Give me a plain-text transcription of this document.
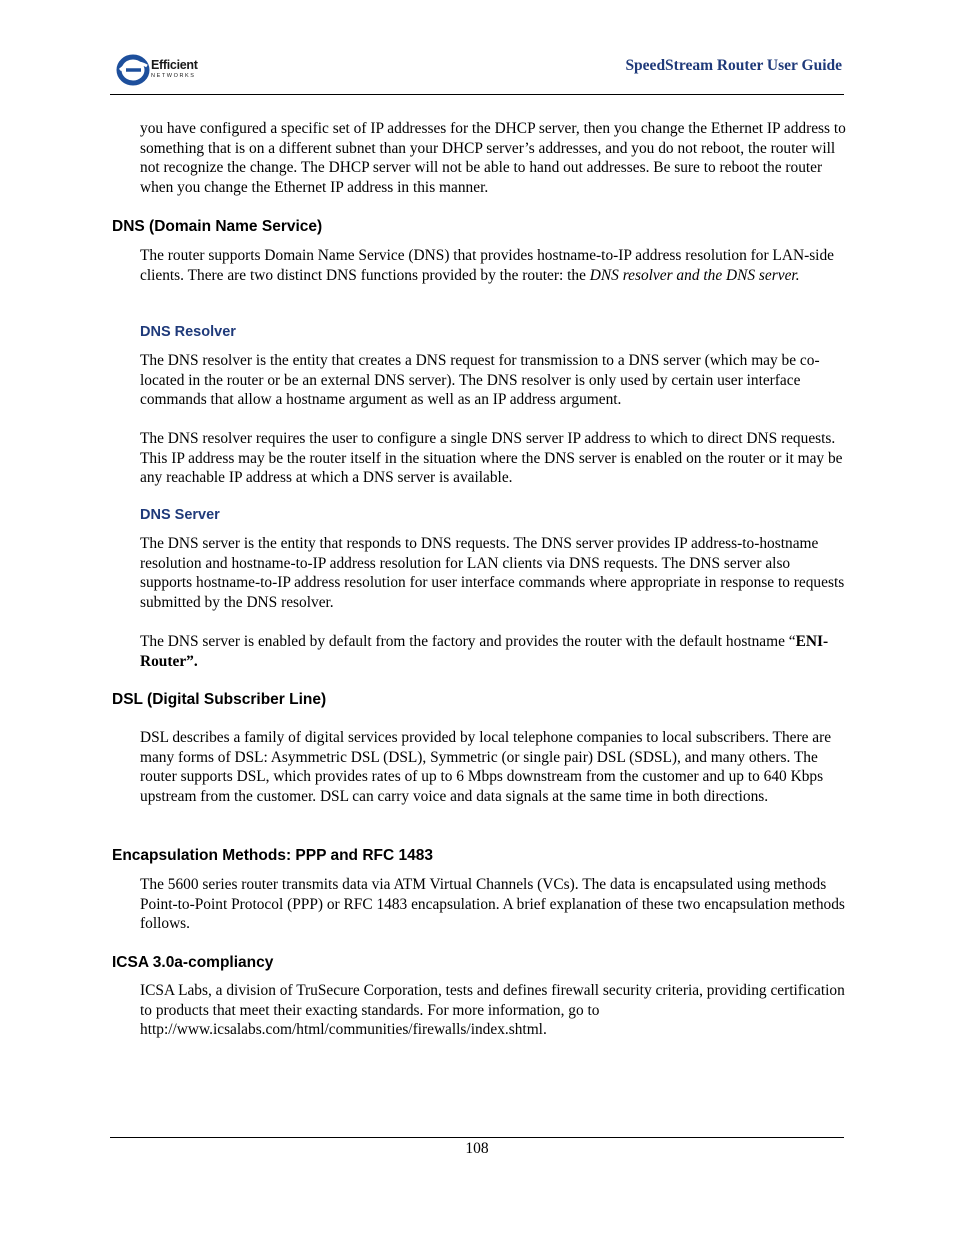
Efficient
NETWORKS
SpeedStream Router User Guide

you have configured a specific set of IP addresses for the DHCP server, then you change the Ethernet IP address to something that is on a different subnet than your DHCP server’s addresses, and you do not reboot, the router will not recognize the change. The DHCP server will not be able to hand out addresses. Be sure to reboot the router when you change the Ethernet IP address in this manner.

DNS (Domain Name Service)

The router supports Domain Name Service (DNS) that provides hostname-to-IP address resolution for LAN-side clients. There are two distinct DNS functions provided by the router: the DNS resolver and the DNS server.

DNS Resolver

The DNS resolver is the entity that creates a DNS request for transmission to a DNS server (which may be co-located in the router or be an external DNS server). The DNS resolver is only used by certain user interface commands that allow a hostname argument as well as an IP address argument.

The DNS resolver requires the user to configure a single DNS server IP address to which to direct DNS requests. This IP address may be the router itself in the situation where the DNS server is enabled on the router or it may be any reachable IP address at which a DNS server is available.

DNS Server

The DNS server is the entity that responds to DNS requests. The DNS server provides IP address-to-hostname resolution and hostname-to-IP address resolution for LAN clients via DNS requests. The DNS server also supports hostname-to-IP address resolution for user interface commands where appropriate in response to requests submitted by the DNS resolver.

The DNS server is enabled by default from the factory and provides the router with the default hostname “ENI-Router”.

DSL (Digital Subscriber Line)

DSL describes a family of digital services provided by local telephone companies to local subscribers. There are many forms of DSL: Asymmetric DSL (DSL), Symmetric (or single pair) DSL (SDSL), and many others. The router supports DSL, which provides rates of up to 6 Mbps downstream from the customer and up to 640 Kbps upstream from the customer. DSL can carry voice and data signals at the same time in both directions.

Encapsulation Methods: PPP and RFC 1483

The 5600 series router transmits data via ATM Virtual Channels (VCs). The data is encapsulated using methods Point-to-Point Protocol (PPP) or RFC 1483 encapsulation. A brief explanation of these two encapsulation methods follows.

ICSA 3.0a-compliancy

ICSA Labs, a division of TruSecure Corporation, tests and defines firewall security criteria, providing certification to products that meet their exacting standards. For more information, go to http://www.icsalabs.com/html/communities/firewalls/index.shtml.

108
